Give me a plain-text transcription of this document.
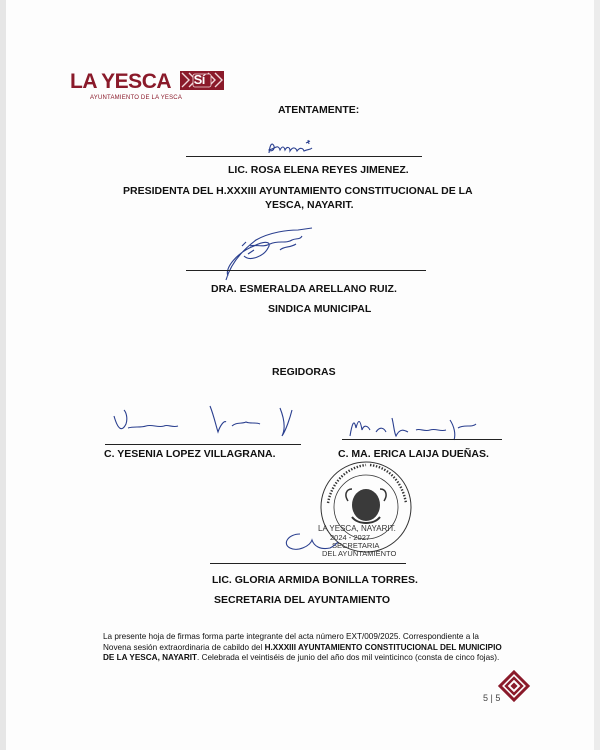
LA YESCA Sí
AYUNTAMIENTO DE LA YESCA
ATENTAMENTE:
LIC. ROSA ELENA REYES JIMENEZ.
PRESIDENTA DEL H.XXXIII AYUNTAMIENTO CONSTITUCIONAL DE LA
YESCA, NAYARIT.
DRA. ESMERALDA ARELLANO RUIZ.
SINDICA MUNICIPAL
REGIDORAS
C. YESENIA LOPEZ VILLAGRANA.	C. MA. ERICA LAIJA DUEÑAS.
LA YESCA, NAYARIT.
2024 - 2027
SECRETARIA
DEL AYUNTAMIENTO
LIC. GLORIA ARMIDA BONILLA TORRES.
SECRETARIA DEL AYUNTAMIENTO
La presente hoja de firmas forma parte integrante del acta número EXT/009/2025. Correspondiente a la Novena sesión extraordinaria de cabildo del H.XXXIII AYUNTAMIENTO CONSTITUCIONAL DEL MUNICIPIO DE LA YESCA, NAYARIT. Celebrada el veintiséis de junio del año dos mil veinticinco (consta de cinco fojas).
5 | 5
